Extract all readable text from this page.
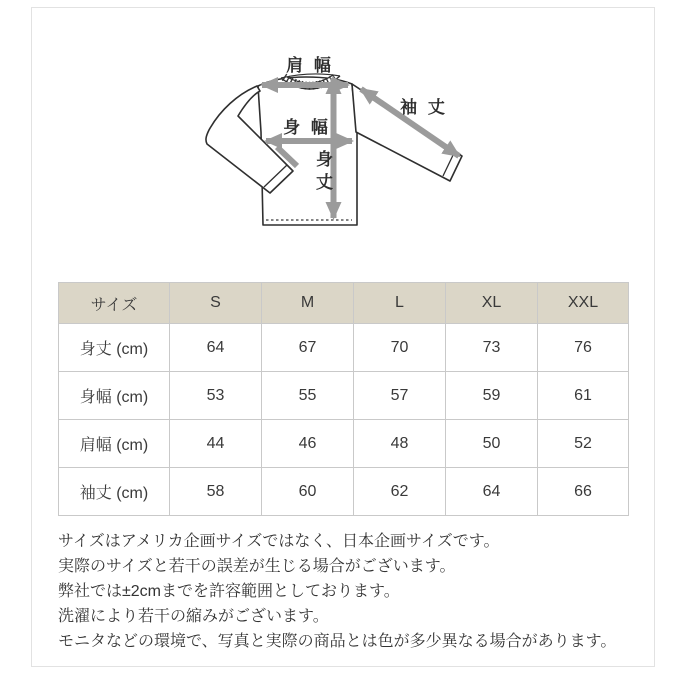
肩 幅
袖 丈
身 幅
身丈
サイズ	S	M	L	XL	XXL
身丈 (cm)	64	67	70	73	76
身幅 (cm)	53	55	57	59	61
肩幅 (cm)	44	46	48	50	52
袖丈 (cm)	58	60	62	64	66
サイズはアメリカ企画サイズではなく、日本企画サイズです。
実際のサイズと若干の誤差が生じる場合がございます。
弊社では±2cmまでを許容範囲としております。
洗濯により若干の縮みがございます。
モニタなどの環境で、写真と実際の商品とは色が多少異なる場合があります。
